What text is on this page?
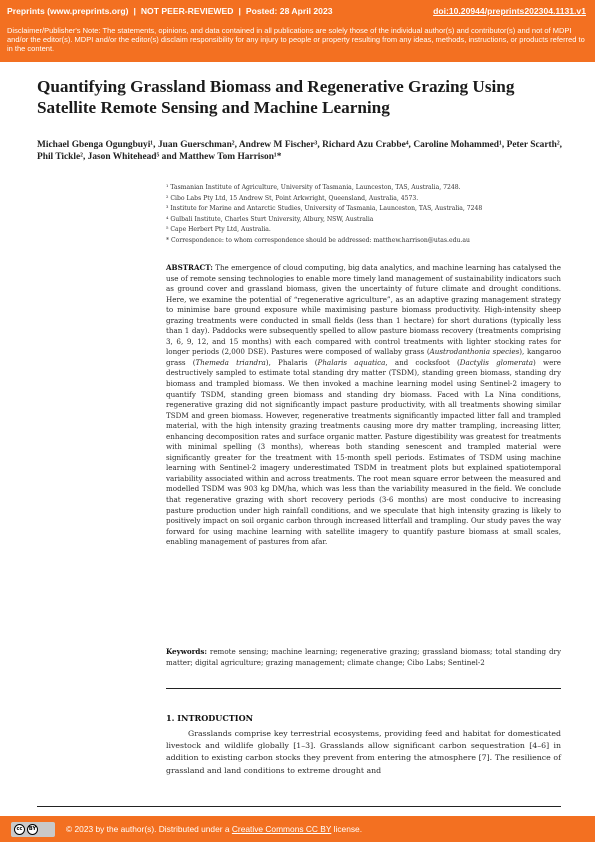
Preprints (www.preprints.org) | NOT PEER-REVIEWED | Posted: 28 April 2023	doi:10.20944/preprints202304.1131.v1
Disclaimer/Publisher's Note: The statements, opinions, and data contained in all publications are solely those of the individual author(s) and contributor(s) and not of MDPI and/or the editor(s). MDPI and/or the editor(s) disclaim responsibility for any injury to people or property resulting from any ideas, methods, instructions, or products referred to in the content.
Quantifying Grassland Biomass and Regenerative Grazing Using Satellite Remote Sensing and Machine Learning
Michael Gbenga Ogungbuyi¹, Juan Guerschman², Andrew M Fischer³, Richard Azu Crabbe⁴, Caroline Mohammed¹, Peter Scarth², Phil Tickle², Jason Whitehead⁵ and Matthew Tom Harrison¹*
¹ Tasmanian Institute of Agriculture, University of Tasmania, Launceston, TAS, Australia, 7248.
² Cibo Labs Pty Ltd, 15 Andrew St, Point Arkwright, Queensland, Australia, 4573.
³ Institute for Marine and Antarctic Studies, University of Tasmania, Launceston, TAS, Australia, 7248
⁴ Gulbali Institute, Charles Sturt University, Albury, NSW, Australia
⁵ Cape Herbert Pty Ltd, Australia.
* Correspondence: to whom correspondence should be addressed: matthew.harrison@utas.edu.au

ABSTRACT: The emergence of cloud computing, big data analytics, and machine learning has catalysed the use of remote sensing technologies to enable more timely land management of sustainability indicators such as ground cover and grassland biomass, given the uncertainty of future climate and drought conditions. Here, we examine the potential of “regenerative agriculture”, as an adaptive grazing management strategy to minimise bare ground exposure while maximising pasture biomass productivity. High-intensity sheep grazing treatments were conducted in small fields (less than 1 hectare) for short durations (typically less than 1 day). Paddocks were subsequently spelled to allow pasture biomass recovery (treatments comprising 3, 6, 9, 12, and 15 months) with each compared with control treatments with lighter stocking rates for longer periods (2,000 DSE). Pastures were composed of wallaby grass (Austrodanthonia species), kangaroo grass (Themeda triandra), Phalaris (Phalaris aquatica, and cocksfoot (Dactylis glomerata) were destructively sampled to estimate total standing dry matter (TSDM), standing green biomass, standing dry biomass and trampled biomass. We then invoked a machine learning model using Sentinel-2 imagery to quantify TSDM, standing green biomass and standing dry biomass. Faced with La Nina conditions, regenerative grazing did not significantly impact pasture productivity, with all treatments showing similar TSDM and green biomass. However, regenerative treatments significantly impacted litter fall and trampled material, with the high intensity grazing treatments causing more dry matter trampling, increasing litter, enhancing decomposition rates and surface organic matter. Pasture digestibility was greatest for treatments with minimal spelling (3 months), whereas both standing senescent and trampled material were significantly greater for the treatment with 15-month spell periods. Estimates of TSDM using machine learning with Sentinel-2 imagery underestimated TSDM in treatment plots but explained spatiotemporal variability associated within and across treatments. The root mean square error between the measured and modelled TSDM was 903 kg DM/ha, which was less than the variability measured in the field. We conclude that regenerative grazing with short recovery periods (3-6 months) are most conducive to increasing pasture production under high rainfall conditions, and we speculate that high intensity grazing is likely to positively impact on soil organic carbon through increased litterfall and trampling. Our study paves the way forward for using machine learning with satellite imagery to quantify pasture biomass at small scales, enabling management of pastures from afar.

Keywords: remote sensing; machine learning; regenerative grazing; grassland biomass; total standing dry matter; digital agriculture; grazing management; climate change; Cibo Labs; Sentinel-2
1. INTRODUCTION

Grasslands comprise key terrestrial ecosystems, providing feed and habitat for domesticated livestock and wildlife globally [1–3]. Grasslands allow significant carbon sequestration [4–6] in addition to existing carbon stocks they prevent from entering the atmosphere [7]. The resilience of grassland and land conditions to extreme drought and

cc	BY	© 2023 by the author(s). Distributed under a Creative Commons CC BY license.
